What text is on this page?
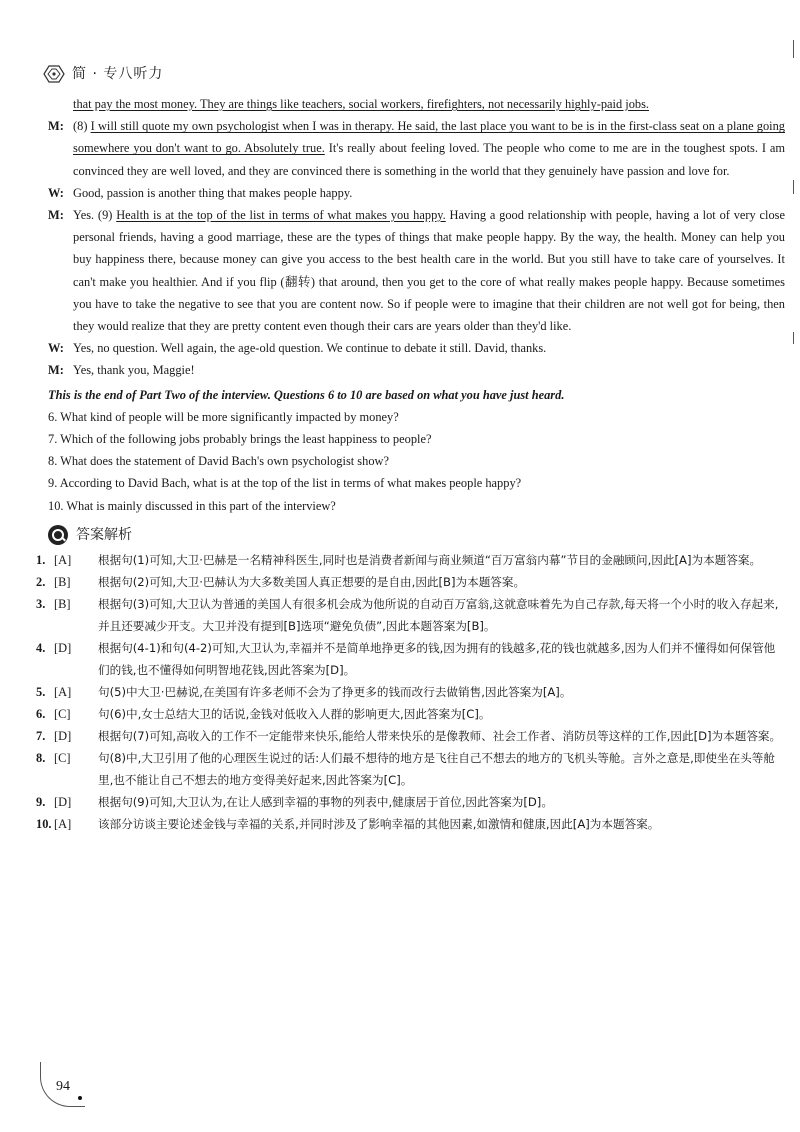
简 · 专八听力
that pay the most money. They are things like teachers, social workers, firefighters, not necessarily highly-paid jobs.
M: (8) I will still quote my own psychologist when I was in therapy. He said, the last place you want to be is in the first-class seat on a plane going somewhere you don't want to go. Absolutely true. It's really about feeling loved. The people who come to me are in the toughest spots. I am convinced they are well loved, and they are convinced there is something in the world that they genuinely have passion and love for.
W: Good, passion is another thing that makes people happy.
M: Yes. (9) Health is at the top of the list in terms of what makes you happy. Having a good relationship with people, having a lot of very close personal friends, having a good marriage, these are the types of things that make people happy. By the way, the health. Money can help you buy happiness there, because money can give you access to the best health care in the world. But you still have to take care of yourselves. It can't make you healthier. And if you flip (翻转) that around, then you get to the core of what really makes people happy. Because sometimes you have to take the negative to see that you are content now. So if people were to imagine that their children are not well got for being, then they would realize that they are pretty content even though their cars are years older than they'd like.
W: Yes, no question. Well again, the age-old question. We continue to debate it still. David, thanks.
M: Yes, thank you, Maggie!
This is the end of Part Two of the interview. Questions 6 to 10 are based on what you have just heard.
6. What kind of people will be more significantly impacted by money?
7. Which of the following jobs probably brings the least happiness to people?
8. What does the statement of David Bach's own psychologist show?
9. According to David Bach, what is at the top of the list in terms of what makes people happy?
10. What is mainly discussed in this part of the interview?
答案解析
1. [A] 根据句(1)可知,大卫·巴赫是一名精神科医生,同时也是消费者新闻与商业频道“百万富翁内幕”节目的金融顾问,因此[A]为本题答案。
2. [B] 根据句(2)可知,大卫·巴赫认为大多数美国人真正想要的是自由,因此[B]为本题答案。
3. [B] 根据句(3)可知,大卫认为普通的美国人有很多机会成为他所说的自动百万富翁,这就意味着先为自己存款,每天将一个小时的收入存起来,并且还要减少开支。大卫并没有提到[B]选项“避免负债”,因此本题答案为[B]。
4. [D] 根据句(4-1)和句(4-2)可知,大卫认为,幸福并不是简单地挣更多的钱,因为拥有的钱越多,花的钱也就越多,因为人们并不懂得如何保管他们的钱,也不懂得如何明智地花钱,因此答案为[D]。
5. [A] 句(5)中大卫·巴赫说,在美国有许多老师不会为了挣更多的钱而改行去做销售,因此答案为[A]。
6. [C] 句(6)中,女士总结大卫的话说,金钱对低收入人群的影响更大,因此答案为[C]。
7. [D] 根据句(7)可知,高收入的工作不一定能带来快乐,能给人带来快乐的是像教师、社会工作者、消防员等这样的工作,因此[D]为本题答案。
8. [C] 句(8)中,大卫引用了他的心理医生说过的话:人们最不想待的地方是飞往自己不想去的地方的飞机头等舱。言外之意是,即使坐在头等舱里,也不能让自己不想去的地方变得美好起来,因此答案为[C]。
9. [D] 根据句(9)可知,大卫认为,在让人感到幸福的事物的列表中,健康居于首位,因此答案为[D]。
10. [A] 该部分访谈主要论述金钱与幸福的关系,并同时涉及了影响幸福的其他因素,如激情和健康,因此[A]为本题答案。
94
